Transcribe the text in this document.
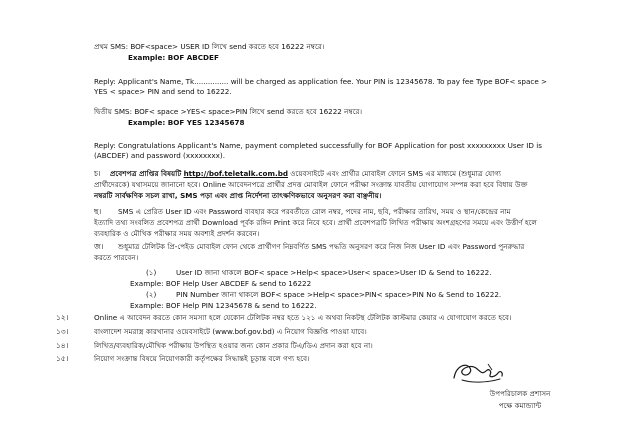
প্রথম SMS: BOF<space> USER ID লিখে send করতে হবে 16222 নম্বরে।
Example: BOF ABCDEF
Reply: Applicant's Name, Tk............... will be charged as application fee. Your PIN is 12345678. To pay fee Type BOF< space >
YES < space> PIN and send to 16222.
দ্বিতীয় SMS: BOF< space >YES< space>PIN লিখে send করতে হবে 16222 নম্বরে।
Example: BOF YES 12345678
Reply: Congratulations Applicant's Name, payment completed successfully for BOF Application for post xxxxxxxxx User ID is
(ABCDEF) and password (xxxxxxxx).
চ। প্রবেশপত্র প্রাপ্তির বিষয়টি http://bof.teletalk.com.bd ওয়েবসাইটে এবং প্রার্থীর মোবাইল ফোনে SMS এর মাধ্যমে (শুধুমাত্র যোগ্য
প্রার্থীদেরকে) যথাসময়ে জানানো হবে। Online আবেদনপত্রে প্রার্থীর প্রদত্ত মোবাইল ফোনে পরীক্ষা সংক্রান্ত যাবতীয় যোগাযোগ সম্পন্ন করা হবে বিধায় উক্ত
নম্বরটি সার্বক্ষণিক সচল রাখা, SMS পড়া এবং প্রাপ্ত নির্দেশনা তাৎক্ষণিকভাবে অনুসরণ করা বাঞ্ছনীয়।
ছ। SMS এ প্রেরিত User ID এবং Password ব্যবহার করে পরবর্তীতে রোল নম্বর, পদের নাম, ছবি, পরীক্ষার তারিখ, সময় ও স্থান/কেন্দ্রের নাম
ইত্যাদি তথ্য সংবলিত প্রবেশপত্র প্রার্থী Download পূর্বক রঙ্গিন Print করে নিবে হবে। প্রার্থী প্রবেশপত্রটি লিখিত পরীক্ষায় অংশগ্রহণের সময়ে এবং উত্তীর্ণ হলে
ব্যবহারিক ও মৌখিক পরীক্ষার সময় অবশ্যই প্রদর্শন করবেন।
জ। শুধুমাত্র টেলিটক প্রি-পেইড মোবাইল ফোন থেকে প্রার্থীগণ নিম্নবর্ণিত SMS পদ্ধতি অনুসরণ করে নিজ নিজ User ID এবং Password পুনরুদ্ধার
করতে পারবেন।
(১)	User ID জানা থাকলে BOF< space >Help< space>User< space>User ID & Send to 16222.
Example: BOF Help User ABCDEF & send to 16222
(২)	PIN Number জানা থাকলে BOF< space >Help< space>PIN< space>PIN No & Send to 16222.
Example: BOF Help PIN 12345678 & send to 16222.
১২।	Online এ আবেদন করতে কোন সমস্যা হলে যেকোন টেলিটক নম্বর হতে ১২১ এ অথবা নিকটস্থ টেলিটক কাস্টমার কেয়ার এ যোগাযোগ করতে হবে।
১৩।	বাংলাদেশ সমরাস্ত্র কারখানার ওয়েবসাইটে (www.bof.gov.bd) এ নিয়োগ বিজ্ঞপ্তি পাওয়া যাবে।
১৪।	লিখিত/ব্যবহারিক/মৌখিক পরীক্ষায় উপস্থিত হওয়ার জন্য কোন প্রকার টিএ/ডিএ প্রদান করা হবে না।
১৫।	নিয়োগ সংক্রান্ত বিষয়ে নিয়োগকারী কর্তৃপক্ষের সিদ্ধান্তই চূড়ান্ত বলে গণ্য হবে।
উপপরিচালক প্রশাসন
পক্ষে কমান্ড্যান্ট
